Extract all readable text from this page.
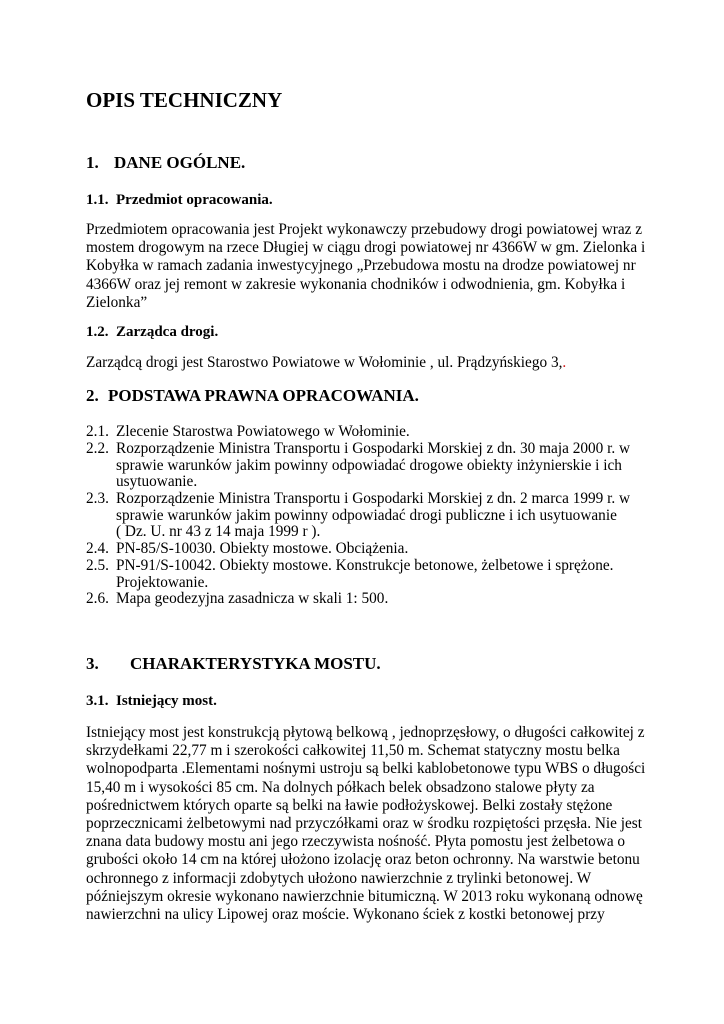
OPIS TECHNICZNY
1. DANE OGÓLNE.
1.1. Przedmiot opracowania.
Przedmiotem opracowania jest Projekt wykonawczy przebudowy drogi powiatowej wraz z
mostem drogowym na rzece Długiej w ciągu drogi powiatowej nr 4366W w gm. Zielonka i
Kobyłka w ramach zadania inwestycyjnego „Przebudowa mostu na drodze powiatowej nr
4366W oraz jej remont w zakresie wykonania chodników i odwodnienia, gm. Kobyłka i
Zielonka”
1.2. Zarządca drogi.
Zarządcą drogi jest Starostwo Powiatowe w Wołominie , ul. Prądzyńskiego 3,.
2. PODSTAWA PRAWNA OPRACOWANIA.
2.1. Zlecenie Starostwa Powiatowego w Wołominie.
2.2. Rozporządzenie Ministra Transportu i Gospodarki Morskiej z dn. 30 maja 2000 r. w
sprawie warunków jakim powinny odpowiadać drogowe obiekty inżynierskie i ich
usytuowanie.
2.3. Rozporządzenie Ministra Transportu i Gospodarki Morskiej z dn. 2 marca 1999 r. w
sprawie warunków jakim powinny odpowiadać drogi publiczne i ich usytuowanie
( Dz. U. nr 43 z 14 maja 1999 r ).
2.4. PN-85/S-10030. Obiekty mostowe. Obciążenia.
2.5. PN-91/S-10042. Obiekty mostowe. Konstrukcje betonowe, żelbetowe i sprężone.
Projektowanie.
2.6. Mapa geodezyjna zasadnicza w skali 1: 500.
3. CHARAKTERYSTYKA MOSTU.
3.1. Istniejący most.
Istniejący most jest konstrukcją płytową belkową , jednoprzęsłowy, o długości całkowitej z
skrzydełkami 22,77 m i szerokości całkowitej 11,50 m. Schemat statyczny mostu belka
wolnopodparta .Elementami nośnymi ustroju są belki kablobetonowe typu WBS o długości
15,40 m i wysokości 85 cm. Na dolnych półkach belek obsadzono stalowe płyty za
pośrednictwem których oparte są belki na ławie podłożyskowej. Belki zostały stężone
poprzecznicami żelbetowymi nad przyczółkami oraz w środku rozpiętości przęsła. Nie jest
znana data budowy mostu ani jego rzeczywista nośność. Płyta pomostu jest żelbetowa o
grubości około 14 cm na której ułożono izolację oraz beton ochronny. Na warstwie betonu
ochronnego z informacji zdobytych ułożono nawierzchnie z trylinki betonowej. W
późniejszym okresie wykonano nawierzchnie bitumiczną. W 2013 roku wykonaną odnowę
nawierzchni na ulicy Lipowej oraz moście. Wykonano ściek z kostki betonowej przy
